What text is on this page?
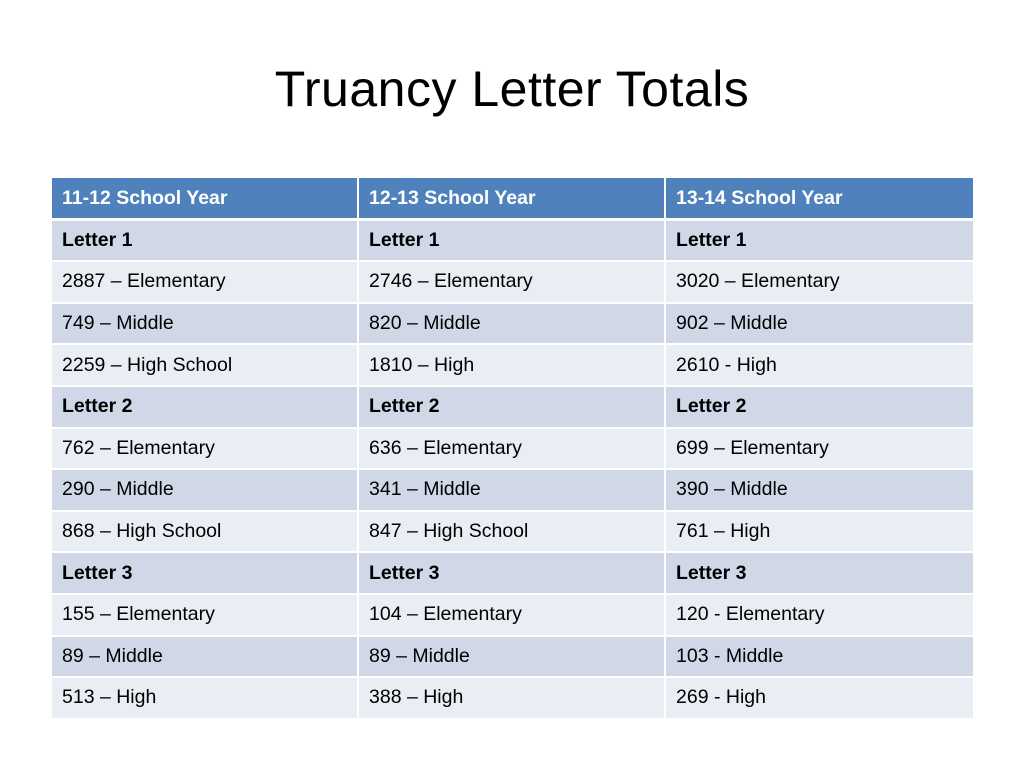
Truancy Letter Totals
11-12 School Year	12-13 School Year	13-14 School Year
Letter 1	Letter 1	Letter 1
2887 – Elementary	2746 – Elementary	3020 – Elementary
749 – Middle	820 – Middle	902 – Middle
2259 – High School	1810 – High	2610 - High
Letter 2	Letter 2	Letter 2
762 – Elementary	636 – Elementary	699 – Elementary
290 – Middle	341 – Middle	390 – Middle
868 – High School	847 – High School	761 – High
Letter 3	Letter 3	Letter 3
155 – Elementary	104 – Elementary	120 - Elementary
89 – Middle	89 – Middle	103 - Middle
513 – High	388 – High	269 - High
